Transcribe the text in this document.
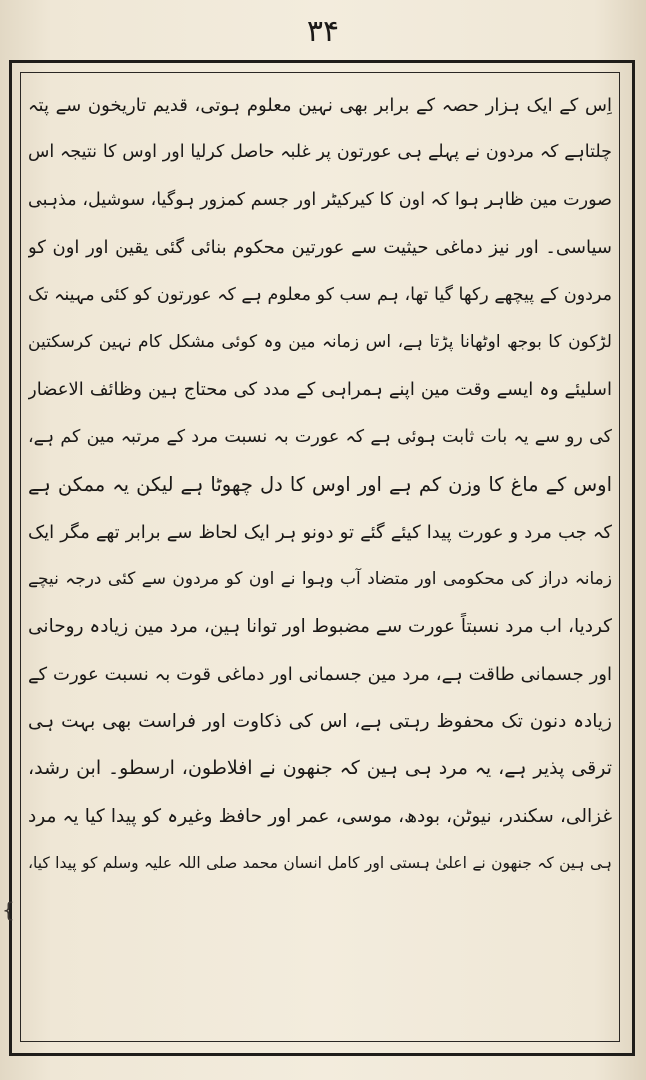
۳۴
اِس کے ایک ہزار حصہ کے برابر بھی نہین معلوم ہوتی، قدیم تاریخون سے پتہ
چلتاہے کہ مردون نے پہلے ہی عورتون پر غلبہ حاصل کرلیا اور اوس کا نتیجہ اس
صورت مین ظاہر ہوا کہ اون کا کیرکیٹر اور جسم کمزور ہوگیا، سوشیل، مذہبی
سیاسی۔ اور نیز دماغی حیثیت سے عورتین محکوم بنائی گئی یقین اور اون کو
مردون کے پیچھے رکھا گیا تھا، ہم سب کو معلوم ہے کہ عورتون کو کئی مہینہ تک
لڑکون کا بوجھ اوٹھانا پڑتا ہے، اس زمانہ مین وہ کوئی مشکل کام نہین کرسکتین
اسلیئے وہ ایسے وقت مین اپنے ہمراہی کے مدد کی محتاج ہین وظائف الاعضار
کی رو سے یہ بات ثابت ہوئی ہے کہ عورت بہ نسبت مرد کے مرتبہ مین کم ہے،
اوس کے ماغ کا وزن کم ہے اور اوس کا دل چھوٹا ہے لیکن یہ ممکن ہے
کہ جب مرد و عورت پیدا کیئے گئے تو دونو ہر ایک لحاظ سے برابر تھے مگر ایک
زمانہ دراز کی محکومی اور متضاد آب وہوا نے اون کو مردون سے کئی درجہ نیچے
کردیا، اب مرد نسبتاً عورت سے مضبوط اور توانا ہین، مرد مین زیادہ روحانی
اور جسمانی طاقت ہے، مرد مین جسمانی اور دماغی قوت بہ نسبت عورت کے
زیادہ دنون تک محفوظ رہتی ہے، اس کی ذکاوت اور فراست بھی بہت ہی
ترقی پذیر ہے، یہ مرد ہی ہین کہ جنھون نے افلاطون، ارسطو۔ ابن رشد،
غزالی، سکندر، نیوٹن، بودھ، موسی، عمر اور حافظ وغیرہ کو پیدا کیا یہ مرد
ہی ہین کہ جنھون نے اعلیٰ ہستی اور کامل انسان محمد صلی اللہ علیہ وسلم کو پیدا کیا،
{
